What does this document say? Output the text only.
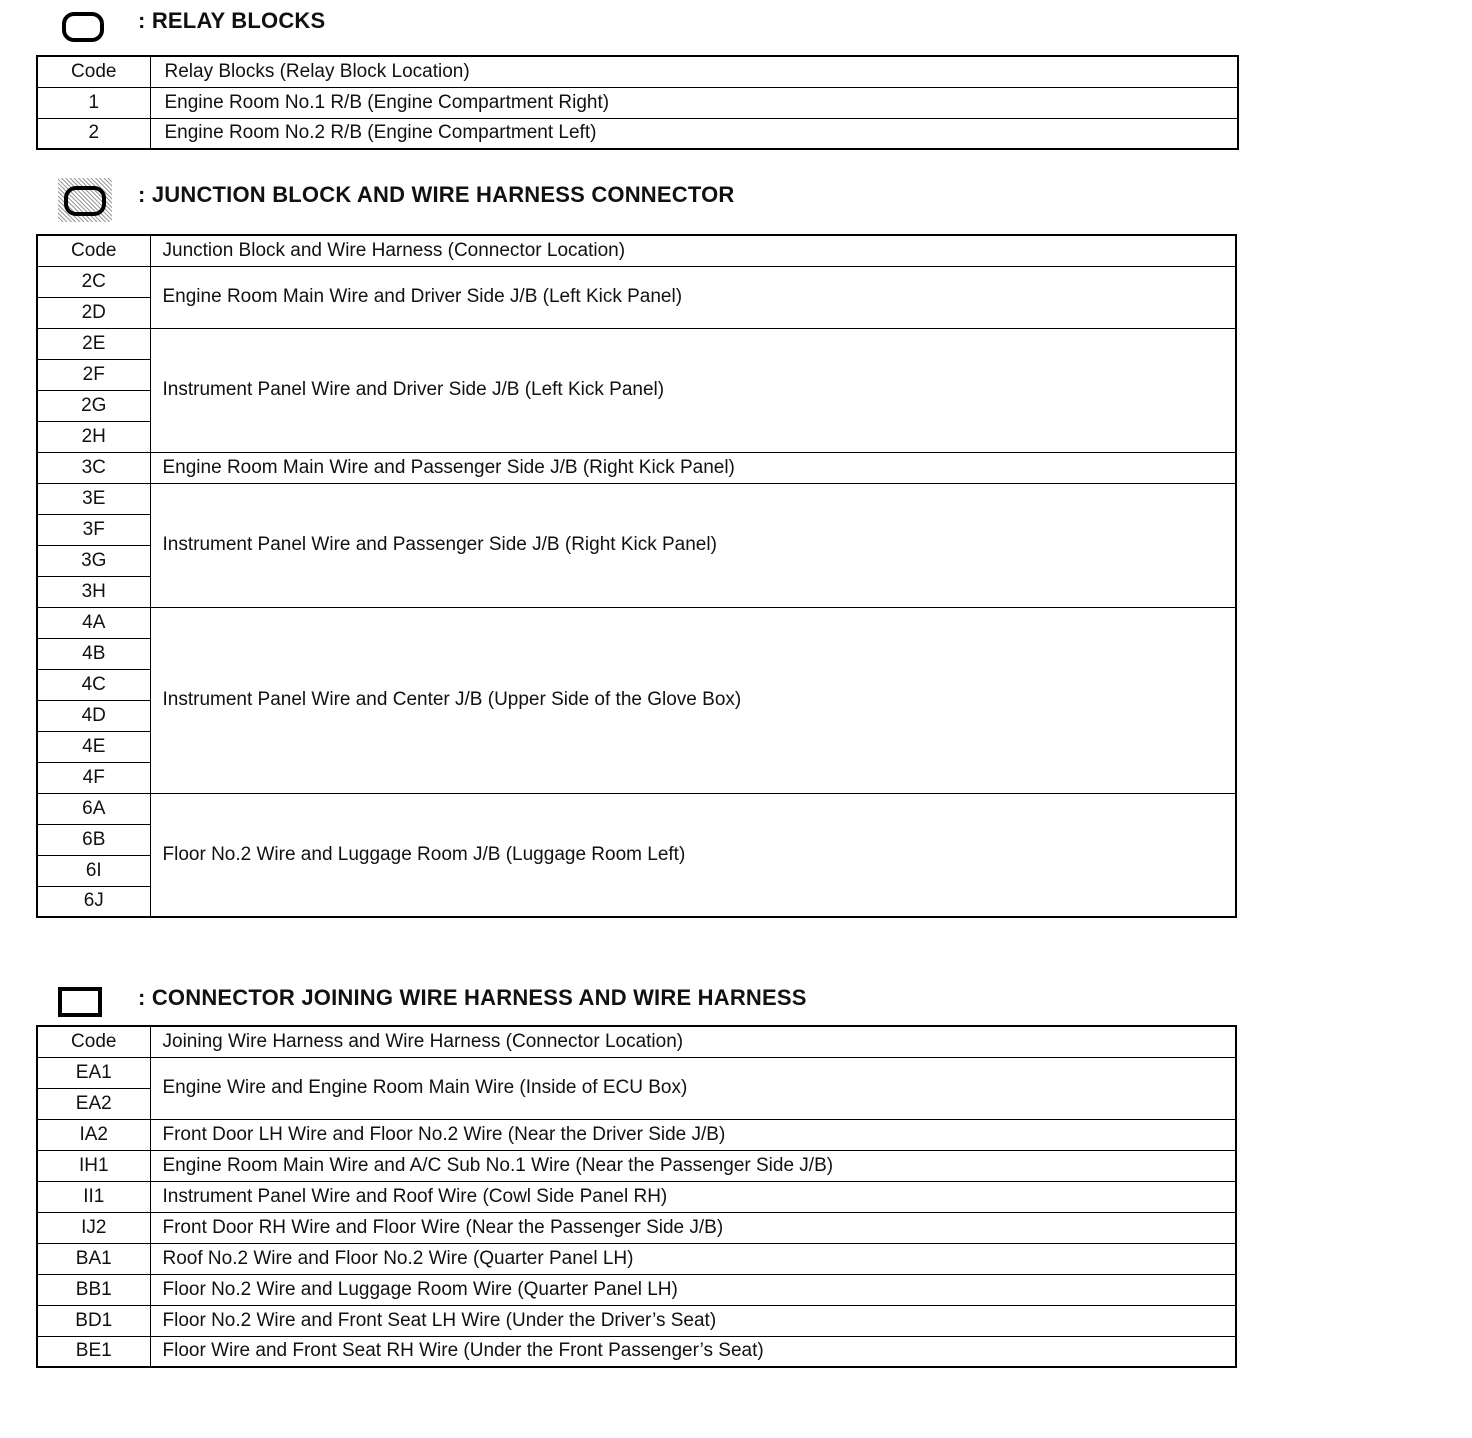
: RELAY BLOCKS
Code	Relay Blocks (Relay Block Location)
1	Engine Room No.1 R/B (Engine Compartment Right)
2	Engine Room No.2 R/B (Engine Compartment Left)
: JUNCTION BLOCK AND WIRE HARNESS CONNECTOR
Code	Junction Block and Wire Harness (Connector Location)
2C	Engine Room Main Wire and Driver Side J/B (Left Kick Panel)
2D	
2E	Instrument Panel Wire and Driver Side J/B (Left Kick Panel)
2F	
2G	
2H	
3C	Engine Room Main Wire and Passenger Side J/B (Right Kick Panel)
3E	Instrument Panel Wire and Passenger Side J/B (Right Kick Panel)
3F	
3G	
3H	
4A	Instrument Panel Wire and Center J/B (Upper Side of the Glove Box)
4B	
4C	
4D	
4E	
4F	
6A	Floor No.2 Wire and Luggage Room J/B (Luggage Room Left)
6B	
6I	
6J	
: CONNECTOR JOINING WIRE HARNESS AND WIRE HARNESS
Code	Joining Wire Harness and Wire Harness (Connector Location)
EA1	Engine Wire and Engine Room Main Wire (Inside of ECU Box)
EA2	
IA2	Front Door LH Wire and Floor No.2 Wire (Near the Driver Side J/B)
IH1	Engine Room Main Wire and A/C Sub No.1 Wire (Near the Passenger Side J/B)
II1	Instrument Panel Wire and Roof Wire (Cowl Side Panel RH)
IJ2	Front Door RH Wire and Floor Wire (Near the Passenger Side J/B)
BA1	Roof No.2 Wire and Floor No.2 Wire (Quarter Panel LH)
BB1	Floor No.2 Wire and Luggage Room Wire (Quarter Panel LH)
BD1	Floor No.2 Wire and Front Seat LH Wire (Under the Driver’s Seat)
BE1	Floor Wire and Front Seat RH Wire (Under the Front Passenger’s Seat)
